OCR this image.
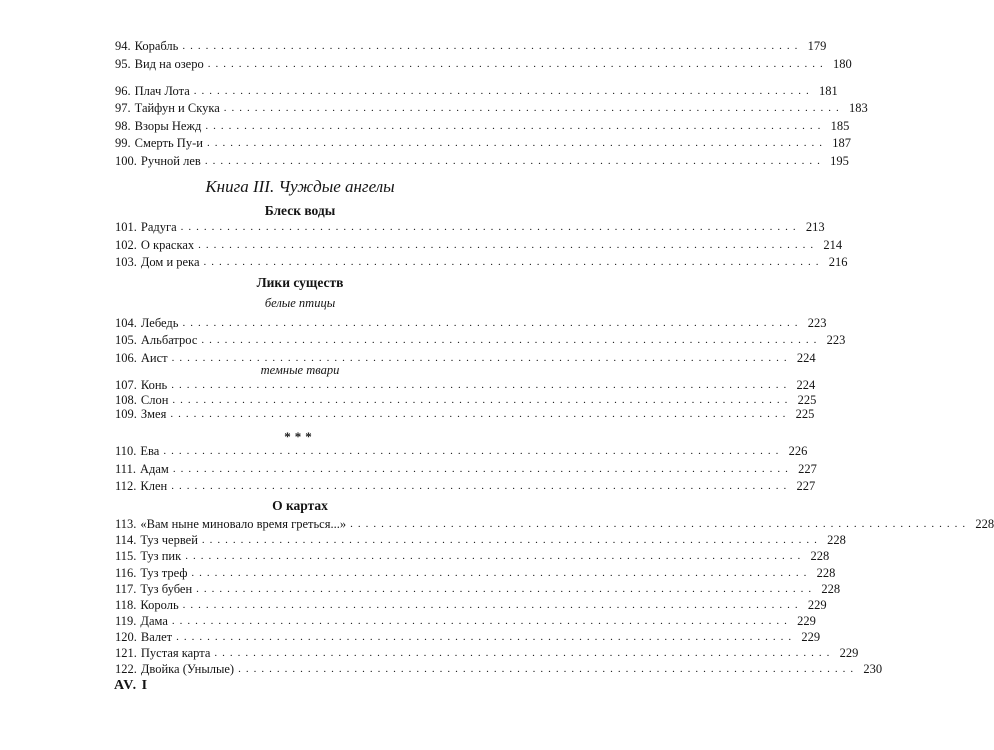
94. Корабль ................................................................................ 179
95. Вид на озеро ................................................................................ 180
96. Плач Лота ................................................................................ 181
97. Тайфун и Скука ................................................................................ 183
98. Взоры Нежд ................................................................................ 185
99. Смерть Пу-и ................................................................................ 187
100. Ручной лев ................................................................................ 195
Книга III. Чуждые ангелы
Блеск воды
101. Радуга ................................................................................ 213
102. О красках ................................................................................ 214
103. Дом и река ................................................................................ 216
Лики существ
белые птицы
104. Лебедь ................................................................................ 223
105. Альбатрос ................................................................................ 223
106. Аист ................................................................................ 224
темные твари
107. Конь ................................................................................ 224
108. Слон ................................................................................ 225
109. Змея ................................................................................ 225
***
110. Ева ................................................................................ 226
111. Адам ................................................................................ 227
112. Клен ................................................................................ 227
О картах
113. «Вам ныне миновало время греться...» ................................................................................ 228
114. Туз червей ................................................................................ 228
115. Туз пик ................................................................................ 228
116. Туз треф ................................................................................ 228
117. Туз бубен ................................................................................ 228
118. Король ................................................................................ 229
119. Дама ................................................................................ 229
120. Валет ................................................................................ 229
121. Пустая карта ................................................................................ 229
122. Двойка (Унылые) ................................................................................ 230
AV. I
